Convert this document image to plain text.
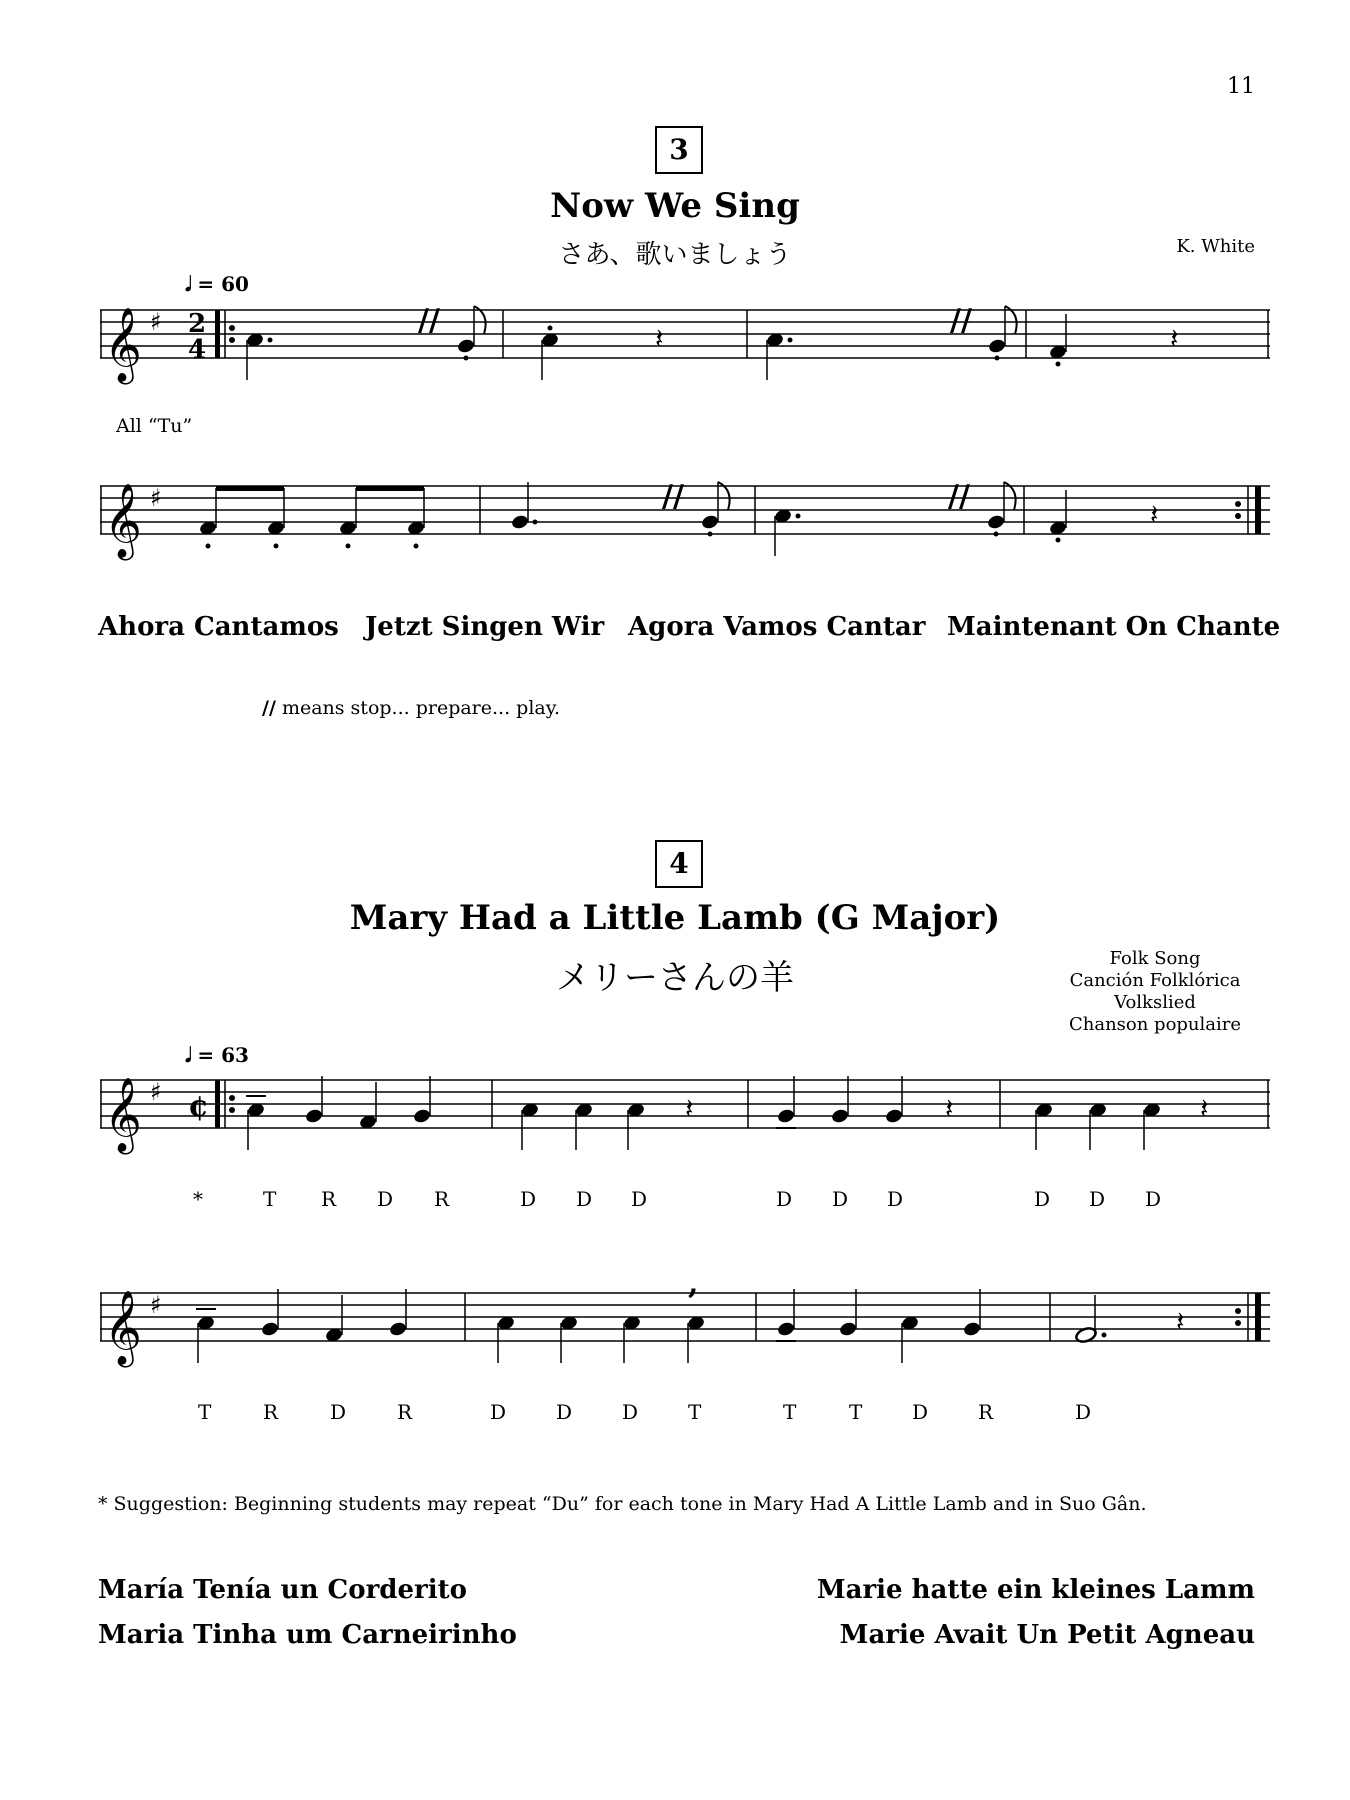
11
3
Now We Sing
さあ、歌いましょう	K. White
𝅘𝅥 = 60
𝄞 ♯ 2
4
//
𝄽
//
𝄽
All “Tu”
𝄞 ♯	//	//
𝄽
Ahora Cantamos Jetzt Singen Wir Agora Vamos Cantar Maintenant On Chante
// means stop... prepare... play.
4
Mary Had a Little Lamb (G Major)
メリーさんの羊	Folk Song
Canción Folklórica
Volkslied
Chanson populaire
𝅘𝅥 = 63
𝄞 ♯ ¢	𝄽	𝄽	𝄽
*	T R D R	D D D	D D D	D D D
𝄞 ♯
,
𝄽
T	R	D	R	D D D T	T	T D R	D
* Suggestion: Beginning students may repeat “Du” for each tone in Mary Had A Little Lamb and in Suo Gân.
María Tenía un Corderito
Maria Tinha um Carneirinho
Marie hatte ein kleines Lamm
Marie Avait Un Petit Agneau
